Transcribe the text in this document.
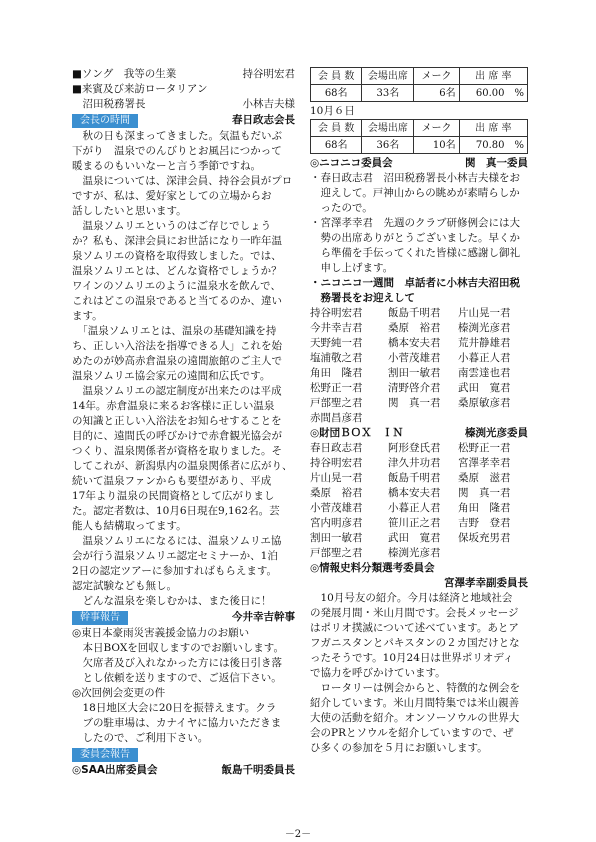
■ソング　我等の生業	持谷明宏君
■来賓及び来訪ロータリアン
沼田税務署長	小林吉夫様
会長の時間	春日政志会長
　秋の日も深まってきました。気温もだいぶ
下がり　温泉でのんびりとお風呂につかって
暖まるのもいいなーと言う季節ですね。
　温泉については、深津会員、持谷会員がプロ
ですが、私は、愛好家としての立場からお
話ししたいと思います。
　温泉ソムリエというのはご存じでしょう
か？私も、深津会員にお世話になり一昨年温
泉ソムリエの資格を取得致しました。では、
温泉ソムリエとは、どんな資格でしょうか？
ワインのソムリエのように温泉水を飲んで、
これはどこの温泉であると当てるのか、違い
ます。
　「温泉ソムリエとは、温泉の基礎知識を持
ち、正しい入浴法を指導できる人」これを始
めたのが妙高赤倉温泉の遠間旅館のご主人で
温泉ソムリエ協会家元の遠間和広氏です。
　温泉ソムリエの認定制度が出来たのは平成
14年。赤倉温泉に来るお客様に正しい温泉
の知識と正しい入浴法をお知らせすることを
目的に、遠間氏の呼びかけで赤倉観光協会が
つくり、温泉関係者が資格を取りました。そ
してこれが、新潟県内の温泉関係者に広がり、
続いて温泉ファンからも要望があり、平成
17年より温泉の民間資格として広がりまし
た。認定者数は、10月6日現在9,162名。芸
能人も結構取ってます。
　温泉ソムリエになるには、温泉ソムリエ協
会が行う温泉ソムリエ認定セミナーか、1泊
2日の認定ツアーに参加すればもらえます。
認定試験なども無し。
　どんな温泉を楽しむかは、また後日に！
幹事報告	今井幸吉幹事
◎東日本豪雨災害義援金協力のお願い
本日BOXを回収しますのでお願いします。
欠席者及び入れなかった方には後日引き落
とし依頼を送りますので、ご返信下さい。
◎次回例会変更の件
18日地区大会に20日を振替えます。クラ
ブの駐車場は、カナイヤに協力いただきま
したので、ご利用下さい。
委員会報告
◎SAA出席委員会	飯島千明委員長
会 員 数	会場出席	メーク	出 席 率
68名	33名	6名	60.00　%
10月６日
会 員 数	会場出席	メーク	出 席 率
68名	36名	10名	70.80　%
◎ニコニコ委員会	関　真一委員
・春日政志君　沼田税務署長小林吉夫様をお迎えして。戸神山からの眺めが素晴らしかったので。
・宮澤孝幸君　先週のクラブ研修例会には大勢の出席ありがとうございました。早くから準備を手伝ってくれた皆様に感謝し御礼申し上げます。
・ニコニコ一週間　卓話者に小林吉夫沼田税務署長をお迎えして
持谷明宏君	飯島千明君	片山晃一君
今井幸吉君	桑原　裕君	榛渕光彦君
天野純一君	橋本安夫君	荒井静雄君
塩浦敬之君	小菅茂雄君	小暮正人君
角田　隆君	割田一敏君	南雲達也君
松野正一君	清野啓介君	武田　寛君
戸部聖之君	関　真一君	桑原敏彦君
赤間昌彦君
◎財団ＢＯＸ　ＩＮ	榛渕光彦委員
春日政志君	阿形登氏君	松野正一君
持谷明宏君	津久井功君	宮澤孝幸君
片山晃一君	飯島千明君	桑原　滋君
桑原　裕君	橋本安夫君	関　真一君
小菅茂雄君	小暮正人君	角田　隆君
宮内明彦君	笹川正之君	吉野　登君
割田一敏君	武田　寛君	保坂充男君
戸部聖之君	榛渕光彦君
◎情報史料分類選考委員会
宮澤孝幸副委員長
　10月号友の紹介。今月は経済と地域社会
の発展月間・米山月間です。会長メッセージ
はポリオ撲滅について述べています。あとア
フガニスタンとパキスタンの２カ国だけとな
ったそうです。10月24日は世界ポリオディ
で協力を呼びかけています。
　ロータリーは例会からと、特徴的な例会を
紹介しています。米山月間特集では米山親善
大使の活動を紹介。オンソーソウルの世界大
会のPRとソウルを紹介していますので、ぜ
ひ多くの参加を５月にお願いします。
－2－
